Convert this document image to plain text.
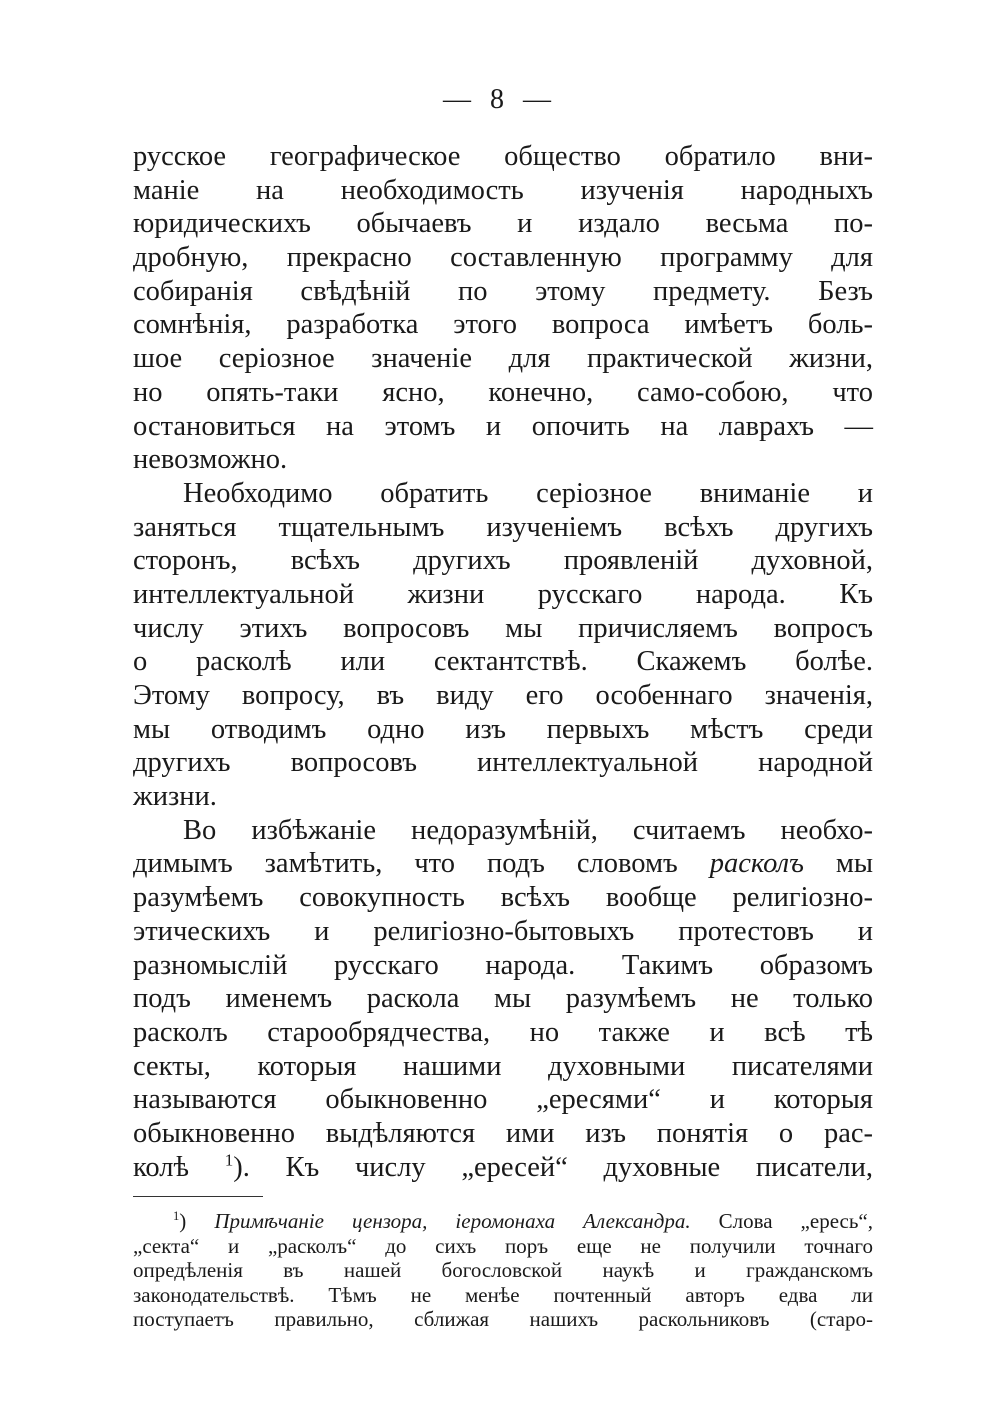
— 8 —
русское географическое общество обратило вни-
маніе на необходимость изученія народныхъ
юридическихъ обычаевъ и издало весьма по-
дробную, прекрасно составленную программу для
собиранія свѣдѣній по этому предмету. Безъ
сомнѣнія, разработка этого вопроса имѣетъ боль-
шое серіозное значеніе для практической жизни,
но опять-таки ясно, конечно, само-собою, что
остановиться на этомъ и опочить на лаврахъ —
невозможно.
Необходимо обратить серіозное вниманіе и
заняться тщательнымъ изученіемъ всѣхъ другихъ
сторонъ, всѣхъ другихъ проявленій духовной,
интеллектуальной жизни русскаго народа. Къ
числу этихъ вопросовъ мы причисляемъ вопросъ
о расколѣ или сектантствѣ. Скажемъ болѣе.
Этому вопросу, въ виду его особеннаго значенія,
мы отводимъ одно изъ первыхъ мѣстъ среди
другихъ вопросовъ интеллектуальной народной
жизни.
Во избѣжаніе недоразумѣній, считаемъ необхо-
димымъ замѣтить, что подъ словомъ расколъ мы
разумѣемъ совокупность всѣхъ вообще религіозно-
этическихъ и религіозно-бытовыхъ протестовъ и
разномыслій русскаго народа. Такимъ образомъ
подъ именемъ раскола мы разумѣемъ не только
расколъ старообрядчества, но также и всѣ тѣ
секты, которыя нашими духовными писателями
называются обыкновенно „ересями“ и которыя
обыкновенно выдѣляются ими изъ понятія о рас-
колѣ $^1$). Къ числу „ересей“ духовные писатели,
$^1$) Примѣчаніе цензора, іеромонаха Александра. Слова „ересь“,
„секта“ и „расколъ“ до сихъ поръ еще не получили точнаго
опредѣленія въ нашей богословской наукѣ и гражданскомъ
законодательствѣ. Тѣмъ не менѣе почтенный авторъ едва ли
поступаетъ правильно, сближая нашихъ раскольниковъ (старо-
